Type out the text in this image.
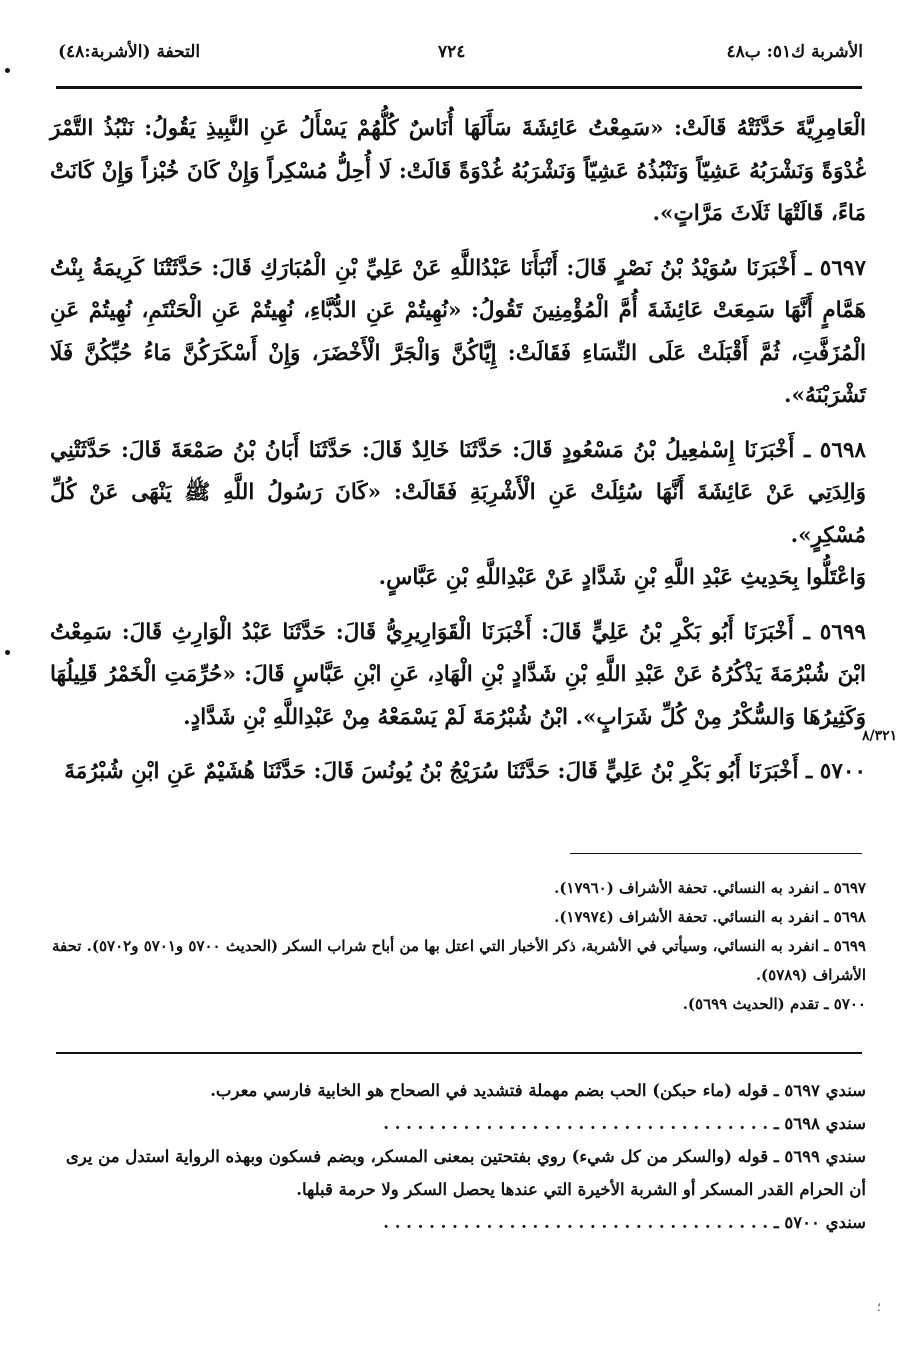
الأشربة ك٥١: ب٤٨
٧٢٤
التحفة (الأشربة:٤٨)

الْعَامِرِيَّةَ حَدَّثَتْهُ قَالَتْ: «سَمِعْتُ عَائِشَةَ سَأَلَهَا أُنَاسٌ كُلُّهُمْ يَسْأَلُ عَنِ النَّبِيذِ يَقُولُ: نَنْبُذُ التَّمْرَ غُدْوَةً وَنَشْرَبُهُ عَشِيّاً وَنَنْبُذُهُ عَشِيّاً وَنَشْرَبُهُ غُدْوَةً قَالَتْ: لَا أُحِلُّ مُسْكِراً وَإِنْ كَانَ خُبْزاً وَإِنْ كَانَتْ مَاءً، قَالَتْهَا ثَلَاثَ مَرَّاتٍ».

٥٦٩٧ ـ أَخْبَرَنَا سُوَيْدُ بْنُ نَصْرٍ قَالَ: أَنْبَأَنَا عَبْدُاللَّهِ عَنْ عَلِيِّ بْنِ الْمُبَارَكِ قَالَ: حَدَّثَتْنَا كَرِيمَةُ بِنْتُ هَمَّامٍ أَنَّهَا سَمِعَتْ عَائِشَةَ أُمَّ الْمُؤْمِنِينَ تَقُولُ: «نُهِيتُمْ عَنِ الدُّبَّاءِ، نُهِيتُمْ عَنِ الْحَنْتَمِ، نُهِيتُمْ عَنِ الْمُزَفَّتِ، ثُمَّ أَقْبَلَتْ عَلَى النِّسَاءِ فَقَالَتْ: إِيَّاكُنَّ وَالْجَرَّ الْأَخْضَرَ، وَإِنْ أَسْكَرَكُنَّ مَاءُ حُبِّكُنَّ فَلَا تَشْرَبْنَهُ».

٥٦٩٨ ـ أَخْبَرَنَا إِسْمٰعِيلُ بْنُ مَسْعُودٍ قَالَ: حَدَّثَنَا خَالِدٌ قَالَ: حَدَّثَنَا أَبَانُ بْنُ صَمْعَةَ قَالَ: حَدَّثَتْنِي وَالِدَتِي عَنْ عَائِشَةَ أَنَّهَا سُئِلَتْ عَنِ الْأَشْرِبَةِ فَقَالَتْ: «كَانَ رَسُولُ اللَّهِ ﷺ يَنْهَى عَنْ كُلِّ مُسْكِرٍ».
وَاعْتَلُّوا بِحَدِيثِ عَبْدِ اللَّهِ بْنِ شَدَّادٍ عَنْ عَبْدِاللَّهِ بْنِ عَبَّاسٍ.

٥٦٩٩ ـ أَخْبَرَنَا أَبُو بَكْرِ بْنُ عَلِيٍّ قَالَ: أَخْبَرَنَا الْقَوَارِيرِيُّ قَالَ: حَدَّثَنَا عَبْدُ الْوَارِثِ قَالَ: سَمِعْتُ ابْنَ شُبْرُمَةَ يَذْكُرُهُ عَنْ عَبْدِ اللَّهِ بْنِ شَدَّادٍ بْنِ الْهَادِ، عَنِ ابْنِ عَبَّاسٍ قَالَ: «حُرِّمَتِ الْخَمْرُ قَلِيلُهَا وَكَثِيرُهَا وَالسُّكْرُ مِنْ كُلِّ شَرَابٍ». ابْنُ شُبْرُمَةَ لَمْ يَسْمَعْهُ مِنْ عَبْدِاللَّهِ بْنِ شَدَّادٍ.

٥٧٠٠ ـ أَخْبَرَنَا أَبُو بَكْرِ بْنُ عَلِيٍّ قَالَ: حَدَّثَنَا سُرَيْجُ بْنُ يُونُسَ قَالَ: حَدَّثَنَا هُشَيْمٌ عَنِ ابْنِ شُبْرُمَةَ

٨/٣٢١

٥٦٩٧ ـ انفرد به النسائي. تحفة الأشراف (١٧٩٦٠).

٥٦٩٨ ـ انفرد به النسائي. تحفة الأشراف (١٧٩٧٤).

٥٦٩٩ ـ انفرد به النسائي، وسيأتي في الأشربة، ذكر الأخبار التي اعتل بها من أباح شراب السكر (الحديث ٥٧٠٠ و٥٧٠١ و٥٧٠٢). تحفة الأشراف (٥٧٨٩).

٥٧٠٠ ـ تقدم (الحديث ٥٦٩٩).

سندي ٥٦٩٧ ـ قوله (ماء حبكن) الحب بضم مهملة فتشديد في الصحاح هو الخابية فارسي معرب.

سندي ٥٦٩٨ ـ . . . . . . . . . . . . . . . . . . . . . . . . . . . . . . . . . .

سندي ٥٦٩٩ ـ قوله (والسكر من كل شيء) روي بفتحتين بمعنى المسكر، وبضم فسكون وبهذه الرواية استدل من يرى أن الحرام القدر المسكر أو الشربة الأخيرة التي عندها يحصل السكر ولا حرمة قبلها.

سندي ٥٧٠٠ ـ . . . . . . . . . . . . . . . . . . . . . . . . . . . . . . . . . .

؛
